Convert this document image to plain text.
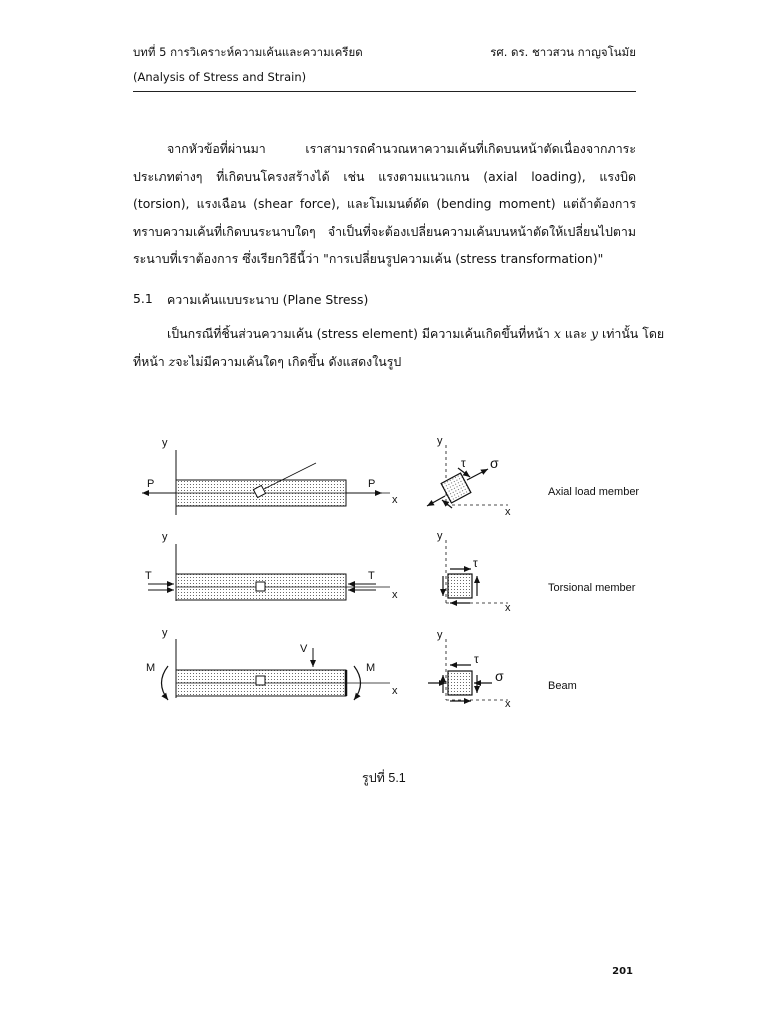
บทที่ 5 การวิเคราะห์ความเค้นและความเครียด
(Analysis of Stress and Strain)
รศ. ดร. ชาวสวน กาญจโนมัย
จากหัวข้อที่ผ่านมา เราสามารถคำนวณหาความเค้นที่เกิดบนหน้าตัดเนื่องจากภาระประเภทต่างๆ ที่เกิดบนโครงสร้างได้ เช่น แรงตามแนวแกน (axial loading), แรงบิด (torsion), แรงเฉือน (shear force), และโมเมนต์ดัด (bending moment) แต่ถ้าต้องการทราบความเค้นที่เกิดบนระนาบใดๆ จำเป็นที่จะต้องเปลี่ยนความเค้นบนหน้าตัดให้เปลี่ยนไปตามระนาบที่เราต้องการ ซึ่งเรียกวิธีนี้ว่า "การเปลี่ยนรูปความเค้น (stress transformation)"
5.1 ความเค้นแบบระนาบ (Plane Stress)
เป็นกรณีที่ชิ้นส่วนความเค้น (stress element) มีความเค้นเกิดขึ้นที่หน้า x และ y เท่านั้น โดย
ที่หน้า zจะไม่มีความเค้นใดๆ เกิดขึ้น ดังแสดงในรูป
y
x
P	P
y
x
τ σ
Axial load member
y
x
T	T
y
x
τ
Torsional member
y
x
M	M
V
y
x
τ
σ
Beam
รูปที่ 5.1
201
